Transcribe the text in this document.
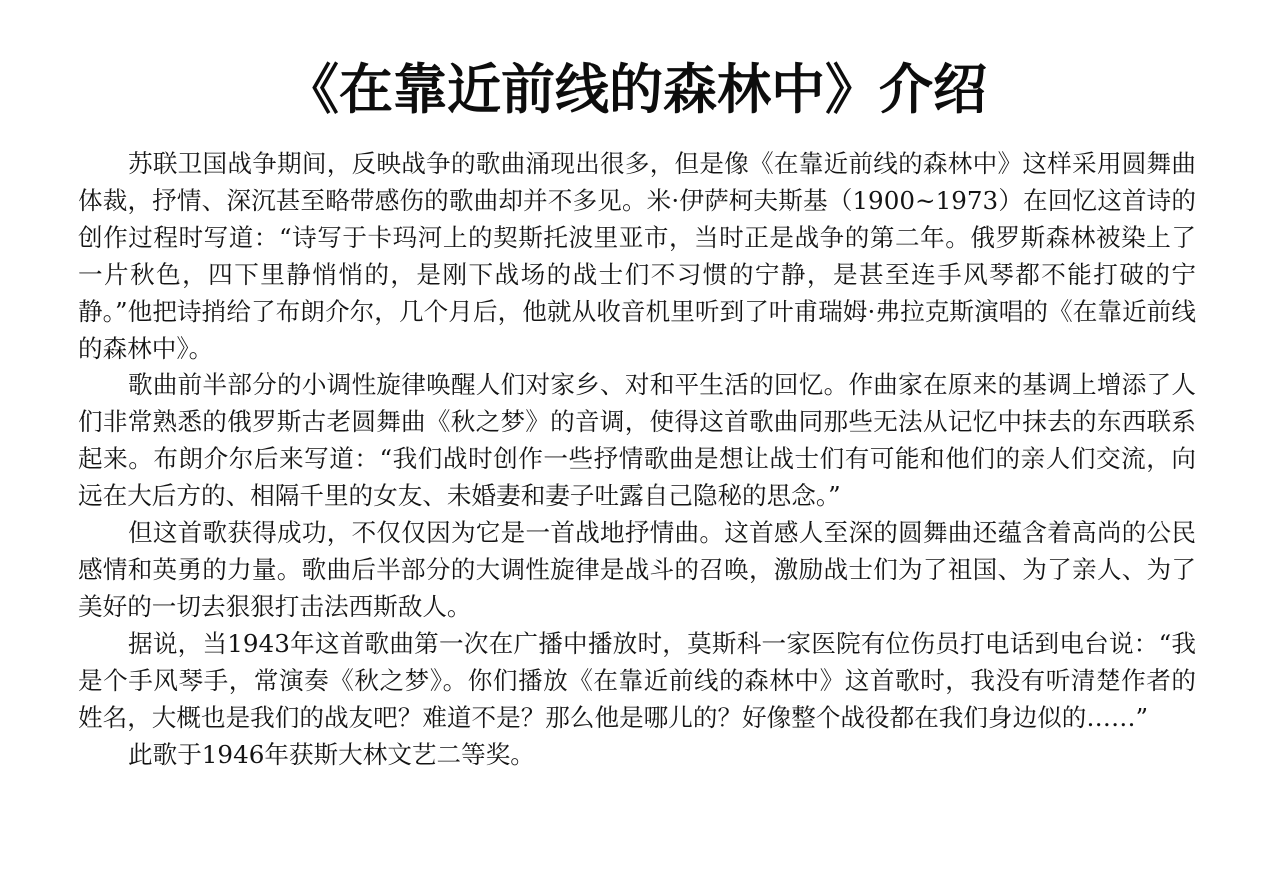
《在靠近前线的森林中》介绍

苏联卫国战争期间，反映战争的歌曲涌现出很多，但是像《在靠近前线的森林中》这样采用圆舞曲体裁，抒情、深沉甚至略带感伤的歌曲却并不多见。米·伊萨柯夫斯基（1900~1973）在回忆这首诗的创作过程时写道：“诗写于卡玛河上的契斯托波里亚市，当时正是战争的第二年。俄罗斯森林被染上了一片秋色，四下里静悄悄的，是刚下战场的战士们不习惯的宁静，是甚至连手风琴都不能打破的宁静。”他把诗捎给了布朗介尔，几个月后，他就从收音机里听到了叶甫瑞姆·弗拉克斯演唱的《在靠近前线的森林中》。

歌曲前半部分的小调性旋律唤醒人们对家乡、对和平生活的回忆。作曲家在原来的基调上增添了人们非常熟悉的俄罗斯古老圆舞曲《秋之梦》的音调，使得这首歌曲同那些无法从记忆中抹去的东西联系起来。布朗介尔后来写道：“我们战时创作一些抒情歌曲是想让战士们有可能和他们的亲人们交流，向远在大后方的、相隔千里的女友、未婚妻和妻子吐露自己隐秘的思念。”

但这首歌获得成功，不仅仅因为它是一首战地抒情曲。这首感人至深的圆舞曲还蕴含着高尚的公民感情和英勇的力量。歌曲后半部分的大调性旋律是战斗的召唤，激励战士们为了祖国、为了亲人、为了美好的一切去狠狠打击法西斯敌人。

据说，当1943年这首歌曲第一次在广播中播放时，莫斯科一家医院有位伤员打电话到电台说：“我是个手风琴手，常演奏《秋之梦》。你们播放《在靠近前线的森林中》这首歌时，我没有听清楚作者的姓名，大概也是我们的战友吧？难道不是？那么他是哪儿的？好像整个战役都在我们身边似的……”

此歌于1946年获斯大林文艺二等奖。
